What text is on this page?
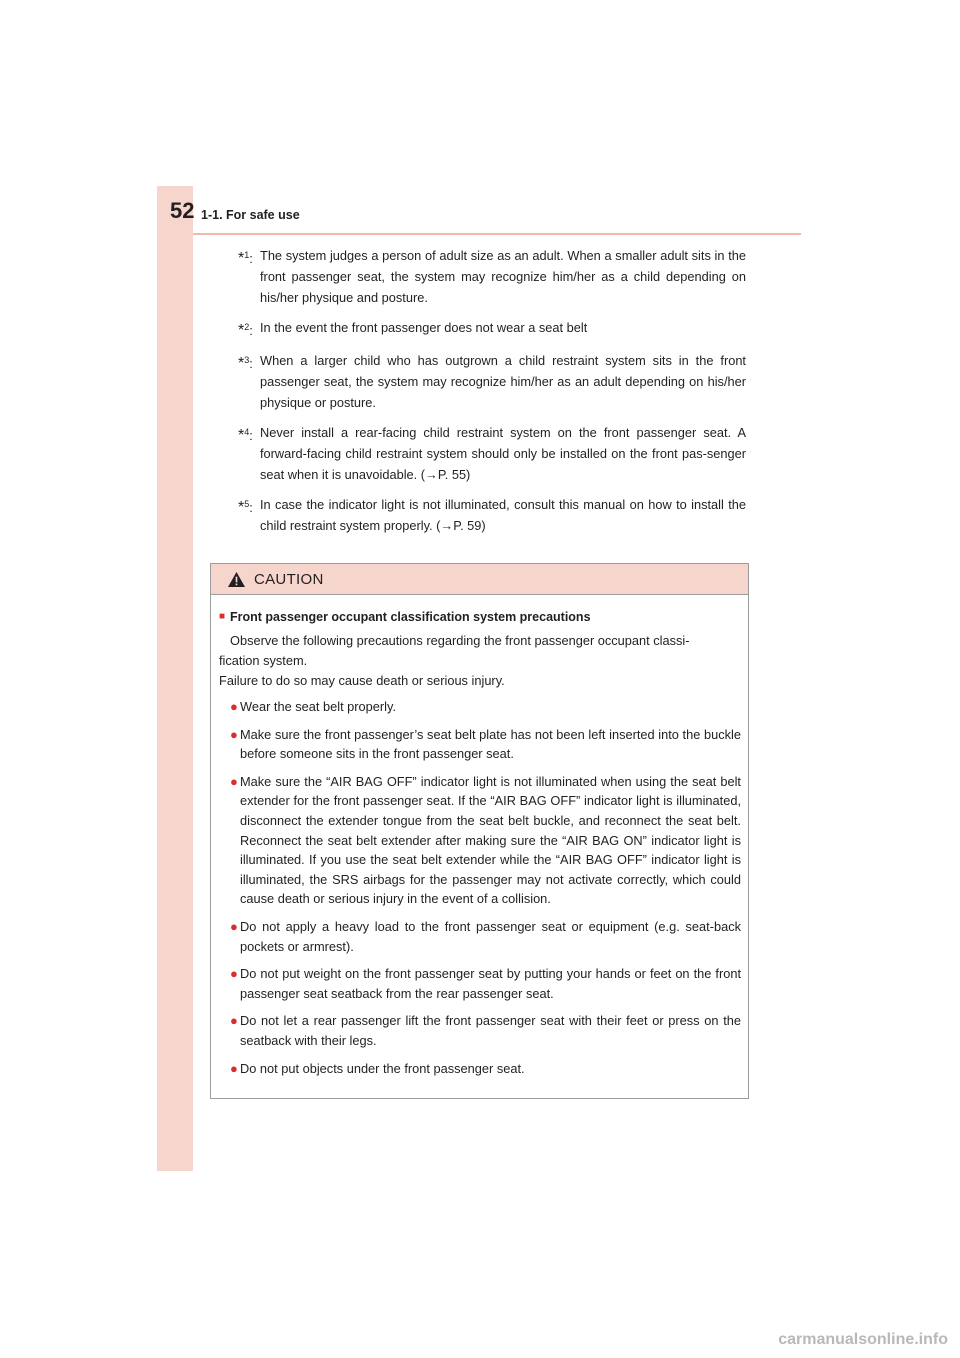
52 1-1. For safe use
*$^1$: The system judges a person of adult size as an adult. When a smaller adult sits in the front passenger seat, the system may recognize him/her as a child depending on his/her physique and posture.
*$^2$: In the event the front passenger does not wear a seat belt
*$^3$: When a larger child who has outgrown a child restraint system sits in the front passenger seat, the system may recognize him/her as an adult depending on his/her physique or posture.
*$^4$: Never install a rear-facing child restraint system on the front passenger seat. A forward-facing child restraint system should only be installed on the front pas-senger seat when it is unavoidable. (→P. 55)
*$^5$: In case the indicator light is not illuminated, consult this manual on how to install the child restraint system properly. (→P. 59)
CAUTION
■ Front passenger occupant classification system precautions
Observe the following precautions regarding the front passenger occupant classi-
fication system.
Failure to do so may cause death or serious injury.
● Wear the seat belt properly.
● Make sure the front passenger’s seat belt plate has not been left inserted into the buckle before someone sits in the front passenger seat.
● Make sure the “AIR BAG OFF” indicator light is not illuminated when using the seat belt extender for the front passenger seat. If the “AIR BAG OFF” indicator light is illuminated, disconnect the extender tongue from the seat belt buckle, and reconnect the seat belt. Reconnect the seat belt extender after making sure the “AIR BAG ON” indicator light is illuminated. If you use the seat belt extender while the “AIR BAG OFF” indicator light is illuminated, the SRS airbags for the passenger may not activate correctly, which could cause death or serious injury in the event of a collision.
● Do not apply a heavy load to the front passenger seat or equipment (e.g. seat-back pockets or armrest).
● Do not put weight on the front passenger seat by putting your hands or feet on the front passenger seat seatback from the rear passenger seat.
● Do not let a rear passenger lift the front passenger seat with their feet or press on the seatback with their legs.
● Do not put objects under the front passenger seat.
carmanualsonline.info
